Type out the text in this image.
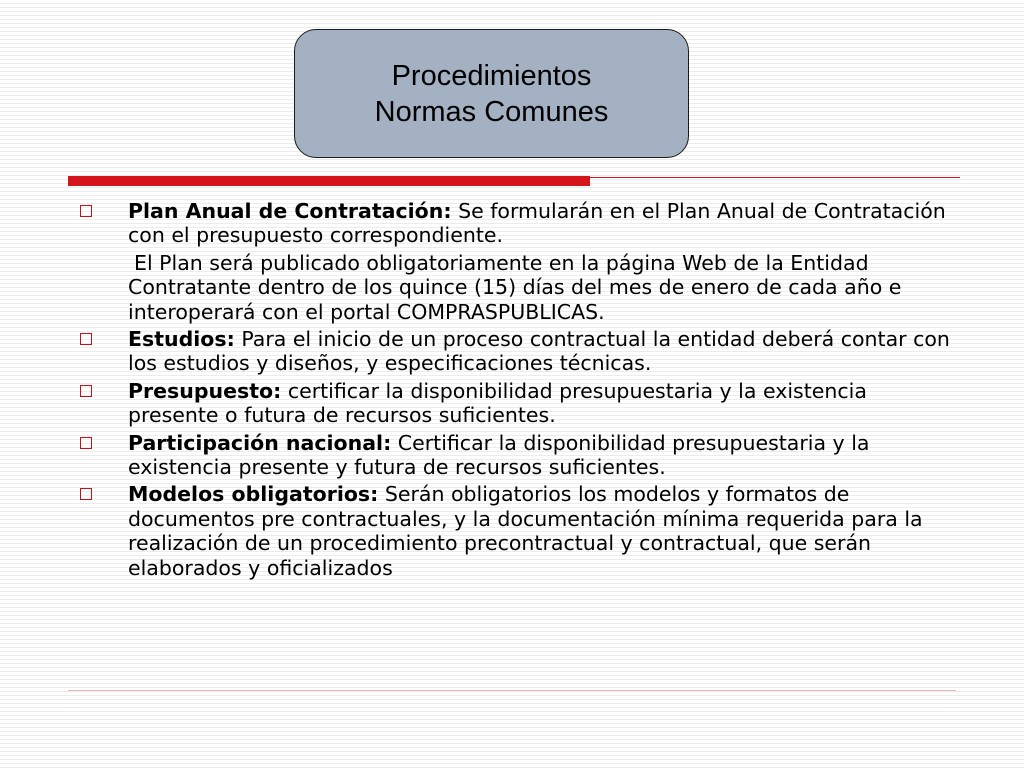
Procedimientos
Normas Comunes
Plan Anual de Contratación: Se formularán en el Plan Anual de Contratación con el presupuesto correspondiente.
El Plan será publicado obligatoriamente en la página Web de la Entidad Contratante dentro de los quince (15) días del mes de enero de cada año e interoperará con el portal COMPRASPUBLICAS.
Estudios: Para el inicio de un proceso contractual la entidad deberá contar con los estudios y diseños, y especificaciones técnicas.
Presupuesto: certificar la disponibilidad presupuestaria y la existencia presente o futura de recursos suficientes.
Participación nacional: Certificar la disponibilidad presupuestaria y la existencia presente y futura de recursos suficientes.
Modelos obligatorios: Serán obligatorios los modelos y formatos de documentos pre contractuales, y la documentación mínima requerida para la realización de un procedimiento precontractual y contractual, que serán elaborados y oficializados
